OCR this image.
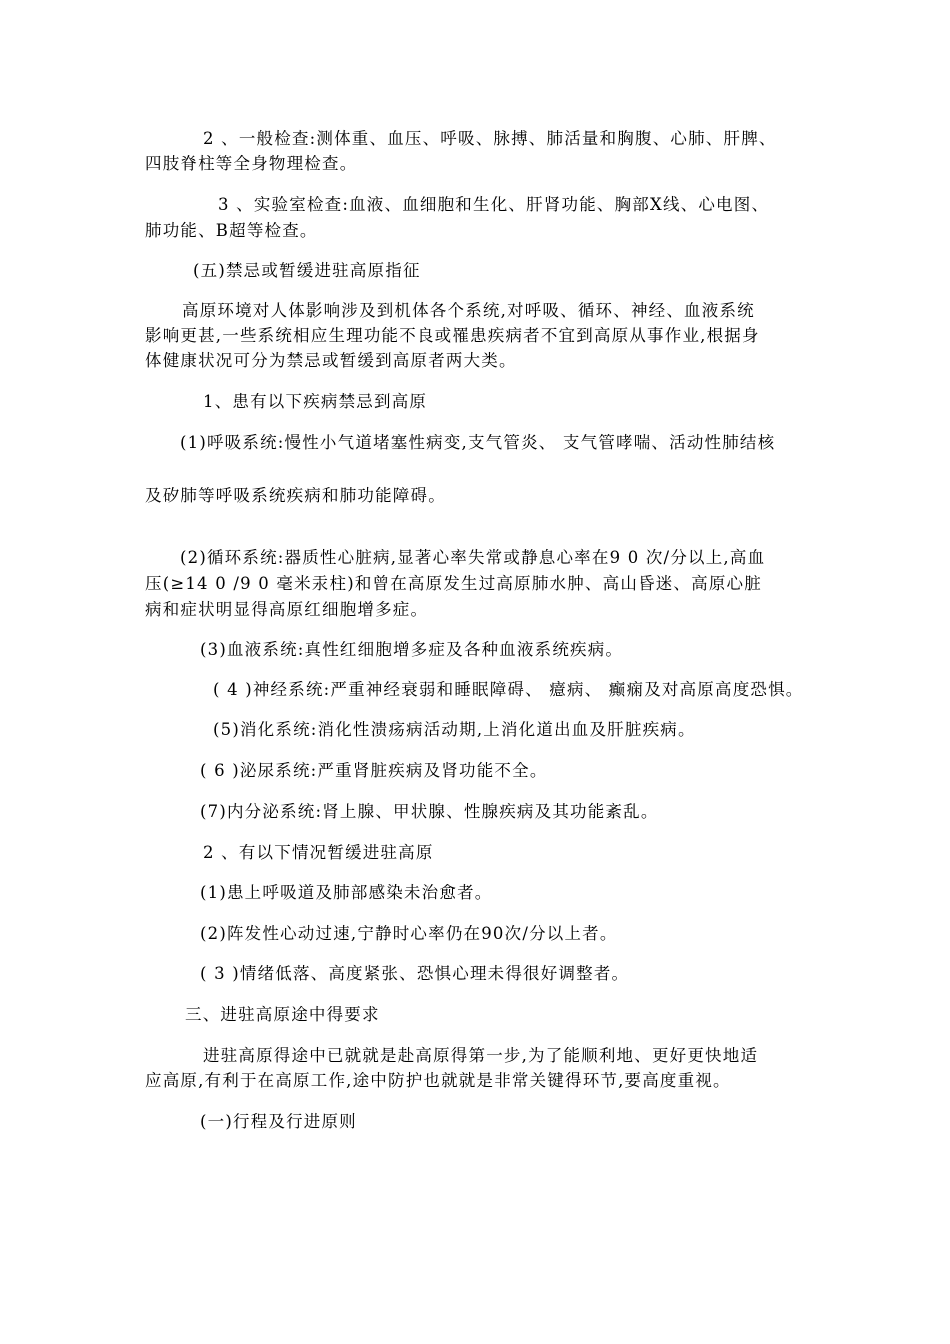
2 、一般检查:测体重、血压、呼吸、脉搏、肺活量和胸腹、心肺、肝脾、

四肢脊柱等全身物理检查。

3 、实验室检查:血液、血细胞和生化、肝肾功能、胸部X线、心电图、

肺功能、B超等检查。

(五)禁忌或暂缓进驻高原指征

高原环境对人体影响涉及到机体各个系统,对呼吸、循环、神经、血液系统

影响更甚,一些系统相应生理功能不良或罹患疾病者不宜到高原从事作业,根据身

体健康状况可分为禁忌或暂缓到高原者两大类。

1、患有以下疾病禁忌到高原

(1)呼吸系统:慢性小气道堵塞性病变,支气管炎、 支气管哮喘、活动性肺结核

及矽肺等呼吸系统疾病和肺功能障碍。

(2)循环系统:器质性心脏病,显著心率失常或静息心率在9 0 次/分以上,高血

压(≥14 0 /9 0 毫米汞柱)和曾在高原发生过高原肺水肿、高山昏迷、高原心脏

病和症状明显得高原红细胞增多症。

(3)血液系统:真性红细胞增多症及各种血液系统疾病。

( 4 )神经系统:严重神经衰弱和睡眠障碍、 癔病、 癫痫及对高原高度恐惧。

(5)消化系统:消化性溃疡病活动期,上消化道出血及肝脏疾病。

( 6 )泌尿系统:严重肾脏疾病及肾功能不全。

(7)内分泌系统:肾上腺、甲状腺、性腺疾病及其功能紊乱。

2 、有以下情况暂缓进驻高原

(1)患上呼吸道及肺部感染未治愈者。

(2)阵发性心动过速,宁静时心率仍在90次/分以上者。

( 3 )情绪低落、高度紧张、恐惧心理未得很好调整者。

三、进驻高原途中得要求

进驻高原得途中已就就是赴高原得第一步,为了能顺利地、更好更快地适

应高原,有利于在高原工作,途中防护也就就是非常关键得环节,要高度重视。

(一)行程及行进原则
